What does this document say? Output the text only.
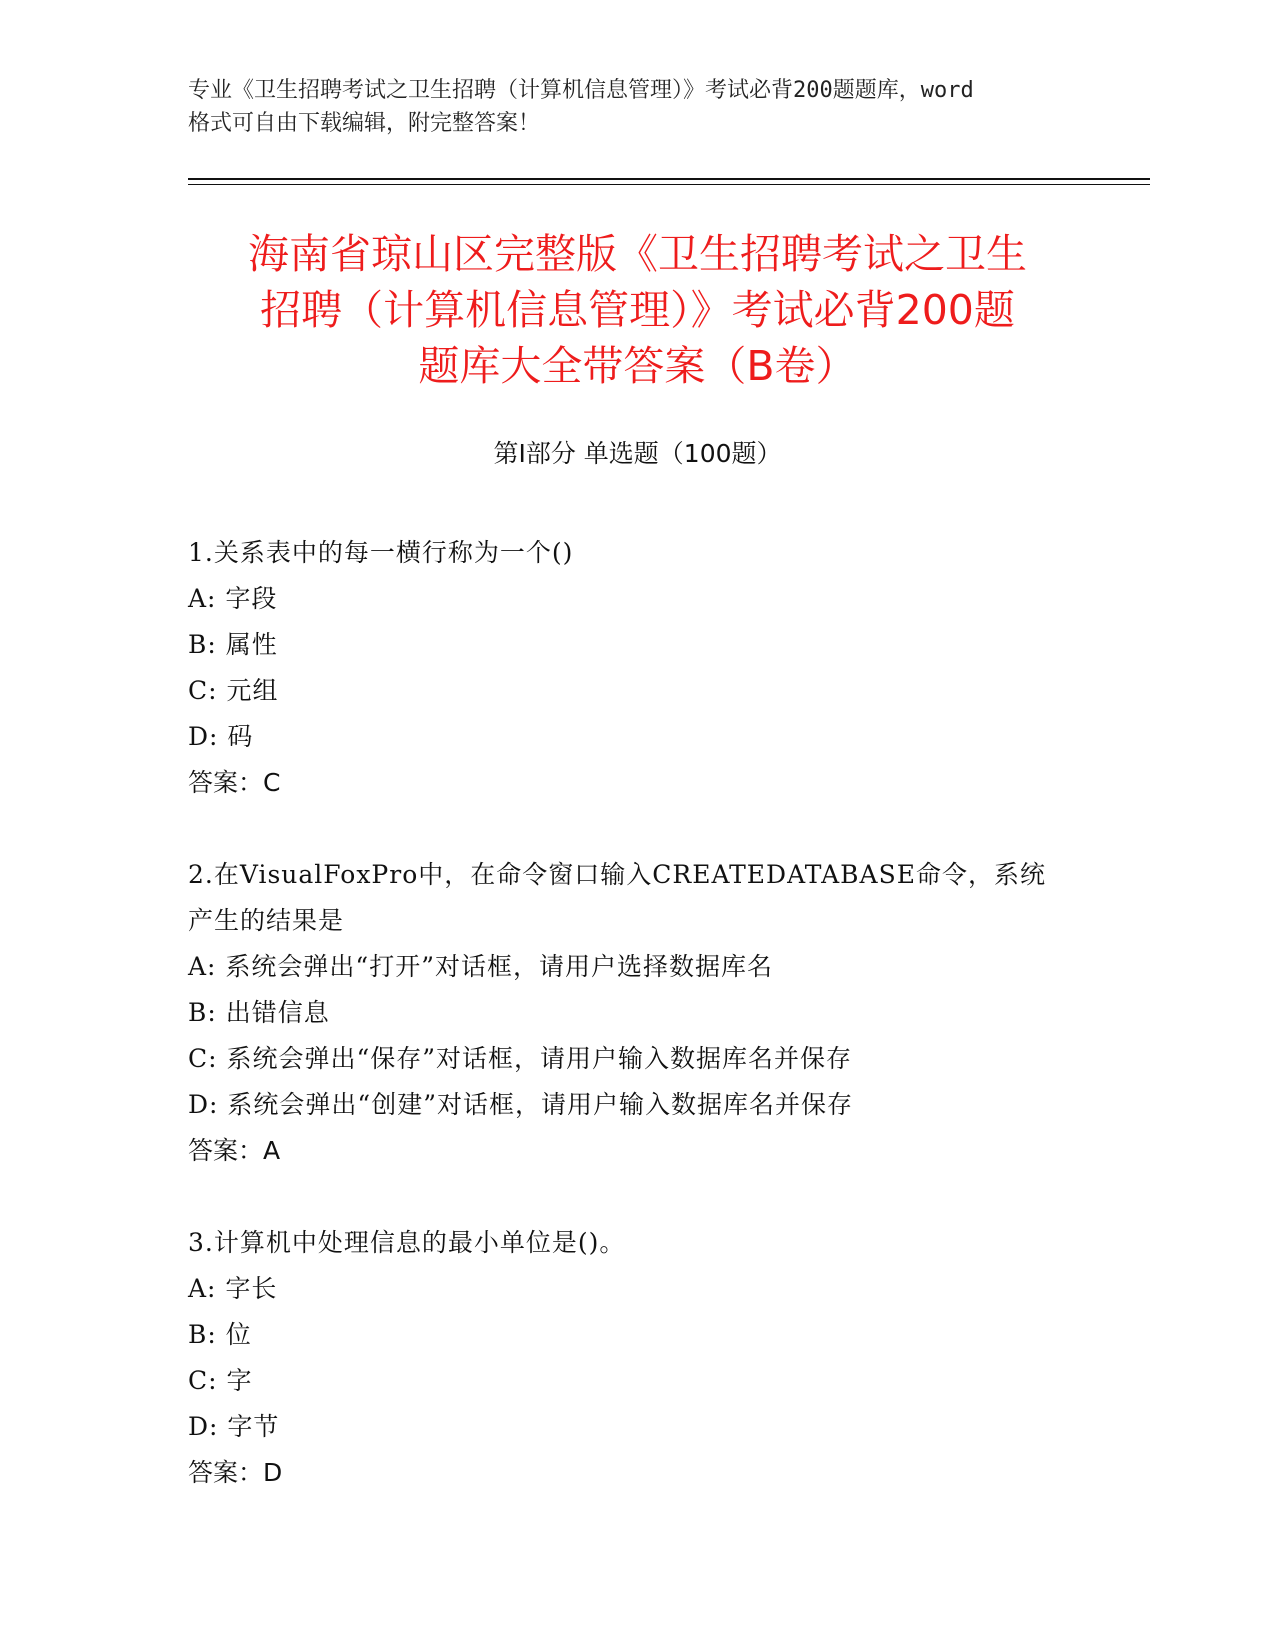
专业《卫生招聘考试之卫生招聘（计算机信息管理）》考试必背200题题库，word
格式可自由下载编辑，附完整答案！
海南省琼山区完整版《卫生招聘考试之卫生
招聘（计算机信息管理）》考试必背200题
题库大全带答案（B卷）
第Ⅰ部分 单选题（100题）
1.关系表中的每一横行称为一个()
A: 字段
B: 属性
C: 元组
D: 码
答案：C
2.在VisualFoxPro中，在命令窗口输入CREATEDATABASE命令，系统
产生的结果是
A: 系统会弹出“打开”对话框，请用户选择数据库名
B: 出错信息
C: 系统会弹出“保存”对话框，请用户输入数据库名并保存
D: 系统会弹出“创建”对话框，请用户输入数据库名并保存
答案：A
3.计算机中处理信息的最小单位是()。
A: 字长
B: 位
C: 字
D: 字节
答案：D
